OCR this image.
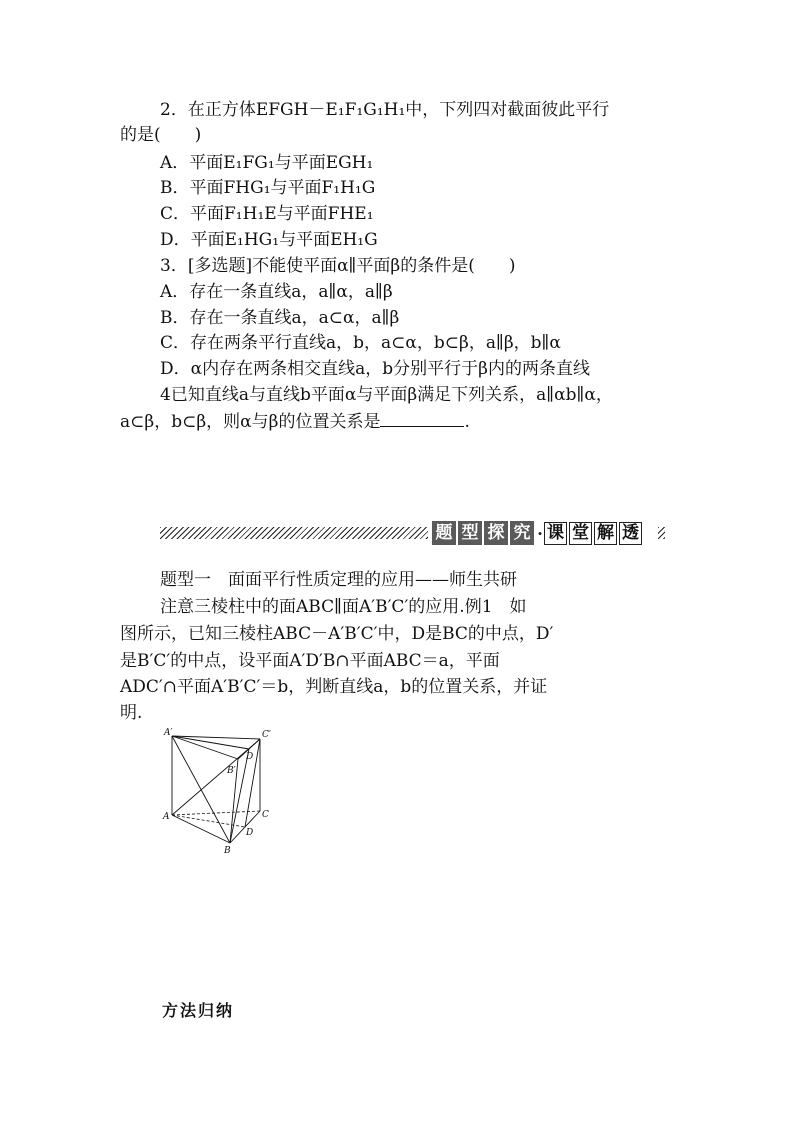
2．在正方体EFGH－E₁F₁G₁H₁中，下列四对截面彼此平行
的是(　　)
A．平面E₁FG₁与平面EGH₁
B．平面FHG₁与平面F₁H₁G
C．平面F₁H₁E与平面FHE₁
D．平面E₁HG₁与平面EH₁G
3．[多选题]不能使平面α∥平面β的条件是(　　)
A．存在一条直线a，a∥α，a∥β
B．存在一条直线a，a⊂α，a∥β
C．存在两条平行直线a，b，a⊂α，b⊂β，a∥β，b∥α
D．α内存在两条相交直线a，b分别平行于β内的两条直线
4已知直线a与直线b平面α与平面β满足下列关系，a∥αb∥α，
a⊂β，b⊂β，则α与β的位置关系是	.
题 型 探 究 · 课 堂 解 透
题型一　面面平行性质定理的应用——师生共研
注意三棱柱中的面ABC∥面A′B′C′的应用.例1　如
图所示，已知三棱柱ABC－A′B′C′中，D是BC的中点，D′
是B′C′的中点，设平面A′D′B∩平面ABC＝a，平面
ADC′∩平面A′B′C′＝b，判断直线a，b的位置关系，并证
明.
A′	C′
B′
D
A
B
C
D
方法归纳
